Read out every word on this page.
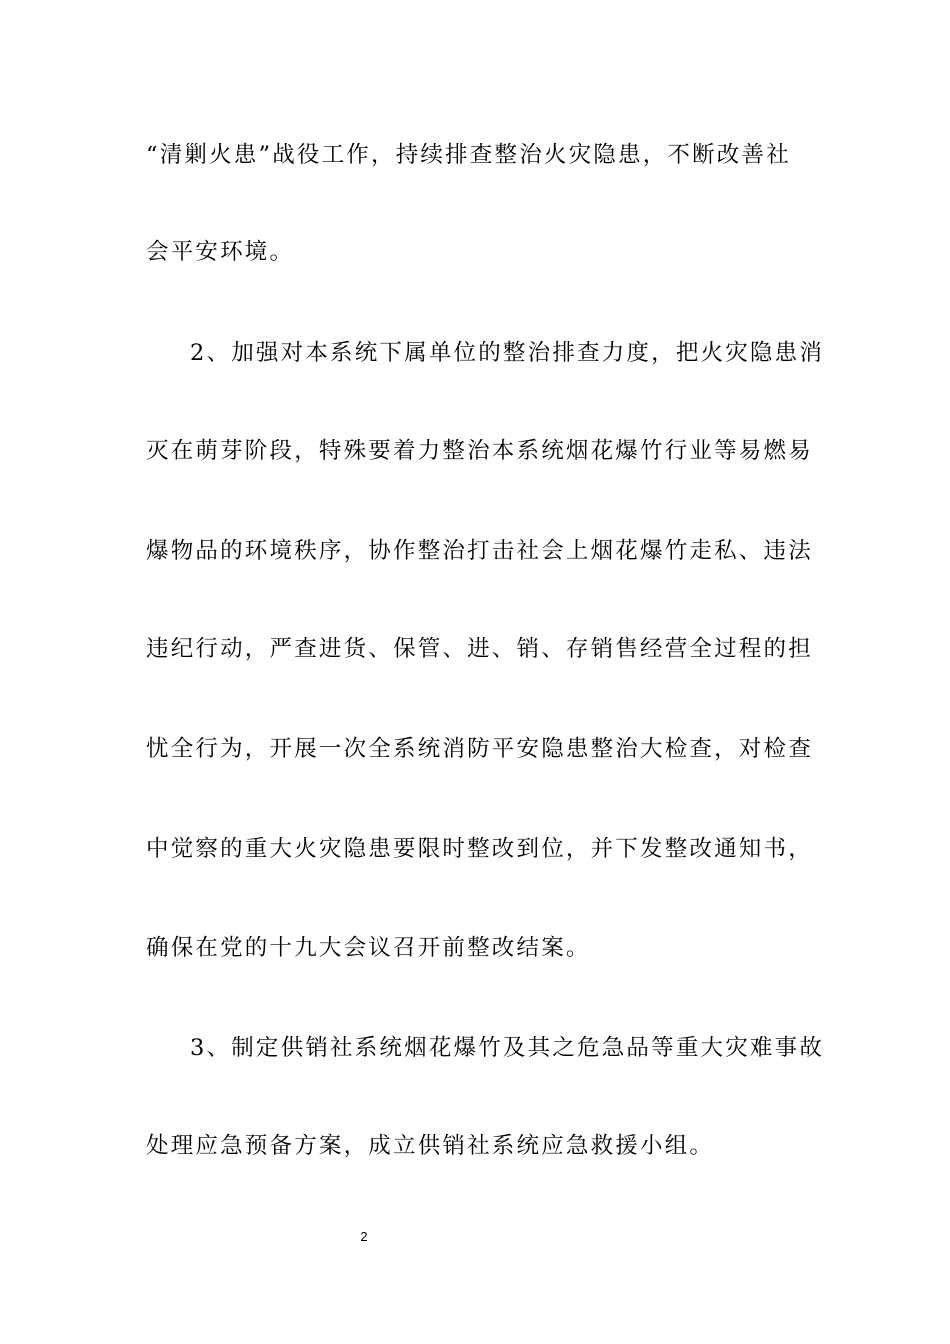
“清剿火患”战役工作，持续排查整治火灾隐患，不断改善社
会平安环境。
2、加强对本系统下属单位的整治排查力度，把火灾隐患消
灭在萌芽阶段，特殊要着力整治本系统烟花爆竹行业等易燃易
爆物品的环境秩序，协作整治打击社会上烟花爆竹走私、违法
违纪行动，严查进货、保管、进、销、存销售经营全过程的担
忧全行为，开展一次全系统消防平安隐患整治大检查，对检查
中觉察的重大火灾隐患要限时整改到位，并下发整改通知书，
确保在党的十九大会议召开前整改结案。
3、制定供销社系统烟花爆竹及其之危急品等重大灾难事故
处理应急预备方案，成立供销社系统应急救援小组。
2
